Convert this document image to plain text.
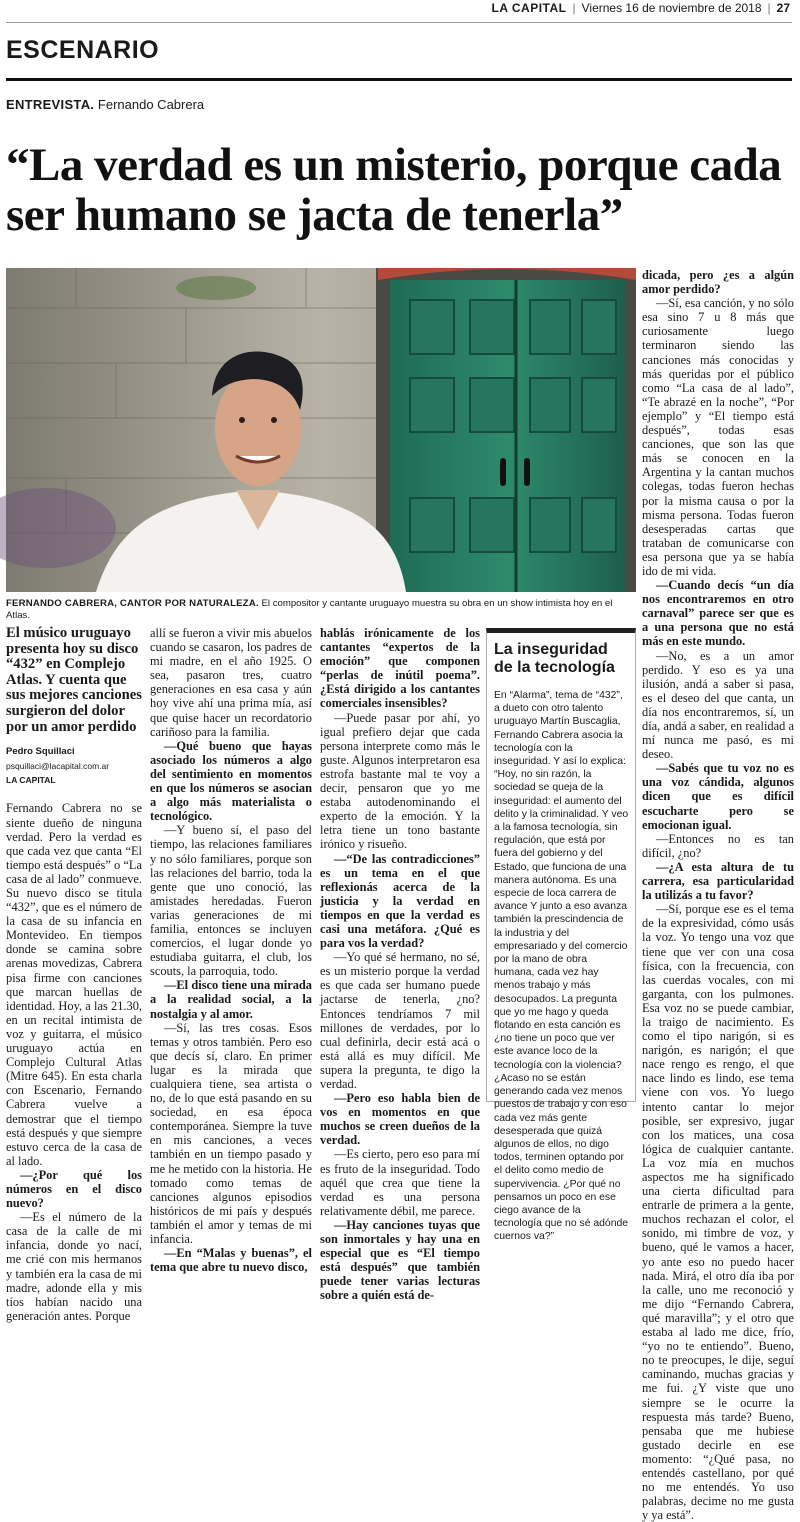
LA CAPITAL | Viernes 16 de noviembre de 2018 | 27
ESCENARIO
ENTREVISTA. Fernando Cabrera
“La verdad es un misterio, porque cada ser humano se jacta de tenerla”
FERNANDO CABRERA, CANTOR POR NATURALEZA. El compositor y cantante uruguayo muestra su obra en un show intimista hoy en el Atlas.
El músico uruguayo presenta hoy su disco “432” en Complejo Atlas. Y cuenta que sus mejores canciones surgieron del dolor por un amor perdido
Pedro Squillaci
psquillaci@lacapital.com.ar
LA CAPITAL

Fernando Cabrera no se siente dueño de ninguna verdad. Pero la verdad es que cada vez que canta “El tiempo está después” o “La casa de al lado” conmueve. Su nuevo disco se titula “432”, que es el número de la casa de su infancia en Montevideo. En tiempos donde se camina sobre arenas movedizas, Cabrera pisa firme con canciones que marcan huellas de identidad. Hoy, a las 21.30, en un recital intimista de voz y guitarra, el músico uruguayo actúa en Complejo Cultural Atlas (Mitre 645). En esta charla con Escenario, Fernando Cabrera vuelve a demostrar que el tiempo está después y que siempre estuvo cerca de la casa de al lado.

—¿Por qué los números en el disco nuevo?

—Es el número de la casa de la calle de mi infancia, donde yo nací, me crié con mis hermanos y también era la casa de mi madre, adonde ella y mis tíos habían nacido una generación antes. Porque

allí se fueron a vivir mis abuelos cuando se casaron, los padres de mi madre, en el año 1925. O sea, pasaron tres, cuatro generaciones en esa casa y aún hoy vive ahí una prima mía, así que quise hacer un recordatorio cariñoso para la familia.

—Qué bueno que hayas asociado los números a algo del sentimiento en momentos en que los números se asocian a algo más materialista o tecnológico.

—Y bueno sí, el paso del tiempo, las relaciones familiares y no sólo familiares, porque son las relaciones del barrio, toda la gente que uno conoció, las amistades heredadas. Fueron varias generaciones de mi familia, entonces se incluyen comercios, el lugar donde yo estudiaba guitarra, el club, los scouts, la parroquia, todo.

—El disco tiene una mirada a la realidad social, a la nostalgia y al amor.

—Sí, las tres cosas. Esos temas y otros también. Pero eso que decís sí, claro. En primer lugar es la mirada que cualquiera tiene, sea artista o no, de lo que está pasando en su sociedad, en esa época contemporánea. Siempre la tuve en mis canciones, a veces también en un tiempo pasado y me he metido con la historia. He tomado como temas de canciones algunos episodios históricos de mi país y después también el amor y temas de mi infancia.

—En “Malas y buenas”, el tema que abre tu nuevo disco,

hablás irónicamente de los cantantes “expertos de la emoción” que componen “perlas de inútil poema”. ¿Está dirigido a los cantantes comerciales insensibles?

—Puede pasar por ahí, yo igual prefiero dejar que cada persona interprete como más le guste. Algunos interpretaron esa estrofa bastante mal te voy a decir, pensaron que yo me estaba autodenominando el experto de la emoción. Y la letra tiene un tono bastante irónico y risueño.

—“De las contradicciones” es un tema en el que reflexionás acerca de la justicia y la verdad en tiempos en que la verdad es casi una metáfora. ¿Qué es para vos la verdad?

—Yo qué sé hermano, no sé, es un misterio porque la verdad es que cada ser humano puede jactarse de tenerla, ¿no? Entonces tendríamos 7 mil millones de verdades, por lo cual definirla, decir está acá o está allá es muy difícil. Me supera la pregunta, te digo la verdad.

—Pero eso habla bien de vos en momentos en que muchos se creen dueños de la verdad.

—Es cierto, pero eso para mí es fruto de la inseguridad. Todo aquél que crea que tiene la verdad es una persona relativamente débil, me parece.

—Hay canciones tuyas que son inmortales y hay una en especial que es “El tiempo está después” que también puede tener varias lecturas sobre a quién está de-

La inseguridad de la tecnología
En “Alarma”, tema de “432”, a dueto con otro talento uruguayo Martín Buscaglia, Fernando Cabrera asocia la tecnología con la inseguridad. Y así lo explica: “Hoy, no sin razón, la sociedad se queja de la inseguridad: el aumento del delito y la criminalidad. Y veo a la famosa tecnología, sin regulación, que está por fuera del gobierno y del Estado, que funciona de una manera autónoma. Es una especie de loca carrera de avance Y junto a eso avanza también la prescindencia de la industria y del empresariado y del comercio por la mano de obra humana, cada vez hay menos trabajo y más desocupados. La pregunta que yo me hago y queda flotando en esta canción es ¿no tiene un poco que ver este avance loco de la tecnología con la violencia? ¿Acaso no se están generando cada vez menos puestos de trabajo y con eso cada vez más gente desesperada que quizá algunos de ellos, no digo todos, terminen optando por el delito como medio de supervivencia. ¿Por qué no pensamos un poco en ese ciego avance de la tecnología que no sé adónde cuernos va?”

dicada, pero ¿es a algún amor perdido?

—Sí, esa canción, y no sólo esa sino 7 u 8 más que curiosamente luego terminaron siendo las canciones más conocidas y más queridas por el público como “La casa de al lado”, “Te abrazé en la noche”, “Por ejemplo” y “El tiempo está después”, todas esas canciones, que son las que más se conocen en la Argentina y la cantan muchos colegas, todas fueron hechas por la misma causa o por la misma persona. Todas fueron desesperadas cartas que trataban de comunicarse con esa persona que ya se había ido de mi vida.

—Cuando decís “un día nos encontraremos en otro carnaval” parece ser que es a una persona que no está más en este mundo.

—No, es a un amor perdido. Y eso es ya una ilusión, andá a saber si pasa, es el deseo del que canta, un día nos encontraremos, sí, un día, andá a saber, en realidad a mí nunca me pasó, es mi deseo.

—Sabés que tu voz no es una voz cándida, algunos dicen que es difícil escucharte pero se emocionan igual.

—Entonces no es tan difícil, ¿no?

—¿A esta altura de tu carrera, esa particularidad la utilizás a tu favor?

—Sí, porque ese es el tema de la expresividad, cómo usás la voz. Yo tengo una voz que tiene que ver con una cosa física, con la frecuencia, con las cuerdas vocales, con mi garganta, con los pulmones. Esa voz no se puede cambiar, la traigo de nacimiento. Es como el tipo narigón, si es narigón, es narigón; el que nace rengo es rengo, el que nace lindo es lindo, ese tema viene con vos. Yo luego intento cantar lo mejor posible, ser expresivo, jugar con los matices, una cosa lógica de cualquier cantante. La voz mía en muchos aspectos me ha significado una cierta dificultad para entrarle de primera a la gente, muchos rechazan el color, el sonido, mi timbre de voz, y bueno, qué le vamos a hacer, yo ante eso no puedo hacer nada. Mirá, el otro día iba por la calle, uno me reconoció y me dijo “Fernando Cabrera, qué maravilla”; y el otro que estaba al lado me dice, frío, “yo no te entiendo”. Bueno, no te preocupes, le dije, seguí caminando, muchas gracias y me fui. ¿Y viste que uno siempre se le ocurre la respuesta más tarde? Bueno, pensaba que me hubiese gustado decirle en ese momento: “¿Qué pasa, no entendés castellano, por qué no me entendés. Yo uso palabras, decime no me gusta y ya está”.
